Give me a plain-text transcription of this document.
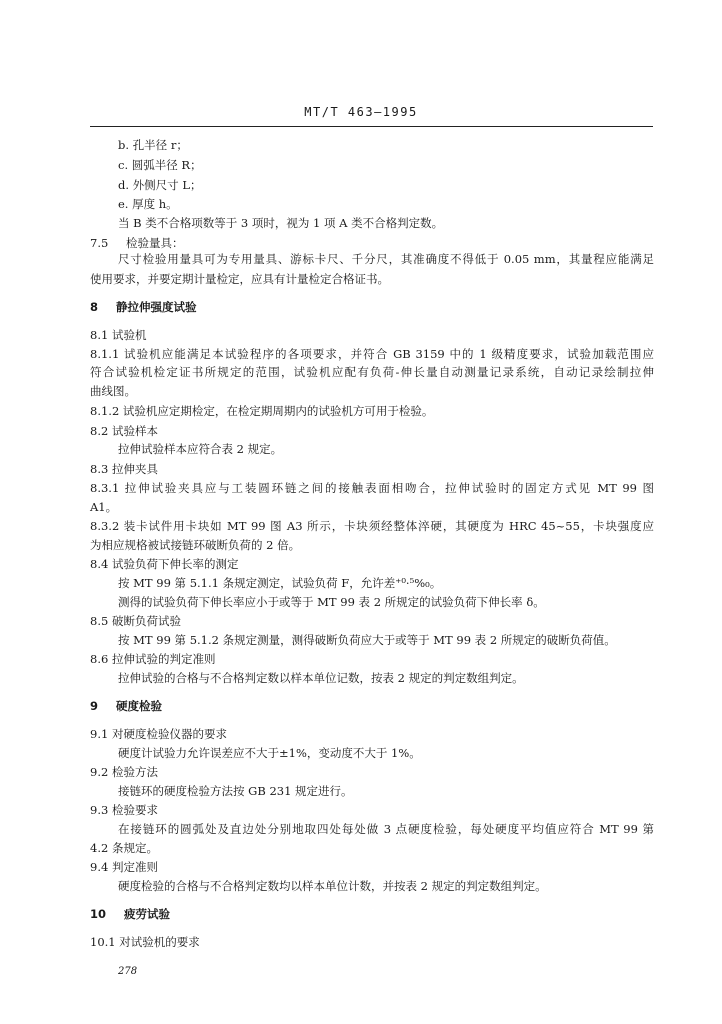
MT/T 463—1995
b. 孔半径 r；
c. 圆弧半径 R；
d. 外侧尺寸 L；
e. 厚度 h。
当 B 类不合格项数等于 3 项时，视为 1 项 A 类不合格判定数。
7.5 检验量具：
尺寸检验用量具可为专用量具、游标卡尺、千分尺，其准确度不得低于 0.05 mm，其量程应能满足
使用要求，并要定期计量检定，应具有计量检定合格证书。
8 静拉伸强度试验
8.1 试验机
8.1.1 试验机应能满足本试验程序的各项要求，并符合 GB 3159 中的 1 级精度要求，试验加载范围应
符合试验机检定证书所规定的范围，试验机应配有负荷-伸长量自动测量记录系统，自动记录绘制拉伸
曲线图。
8.1.2 试验机应定期检定，在检定期周期内的试验机方可用于检验。
8.2 试验样本
拉伸试验样本应符合表 2 规定。
8.3 拉伸夹具
8.3.1 拉伸试验夹具应与工装圆环链之间的接触表面相吻合，拉伸试验时的固定方式见 MT 99 图
A1。
8.3.2 装卡试件用卡块如 MT 99 图 A3 所示，卡块须经整体淬硬，其硬度为 HRC 45~55，卡块强度应
为相应规格被试接链环破断负荷的 2 倍。
8.4 试验负荷下伸长率的测定
按 MT 99 第 5.1.1 条规定测定，试验负荷 F，允许差⁺⁰·⁵%₀。
测得的试验负荷下伸长率应小于或等于 MT 99 表 2 所规定的试验负荷下伸长率 δ。
8.5 破断负荷试验
按 MT 99 第 5.1.2 条规定测量，测得破断负荷应大于或等于 MT 99 表 2 所规定的破断负荷值。
8.6 拉伸试验的判定准则
拉伸试验的合格与不合格判定数以样本单位记数，按表 2 规定的判定数组判定。
9 硬度检验
9.1 对硬度检验仪器的要求
硬度计试验力允许误差应不大于±1%，变动度不大于 1%。
9.2 检验方法
接链环的硬度检验方法按 GB 231 规定进行。
9.3 检验要求
在接链环的圆弧处及直边处分别地取四处每处做 3 点硬度检验，每处硬度平均值应符合 MT 99 第
4.2 条规定。
9.4 判定准则
硬度检验的合格与不合格判定数均以样本单位计数，并按表 2 规定的判定数组判定。
10 疲劳试验
10.1 对试验机的要求
278
